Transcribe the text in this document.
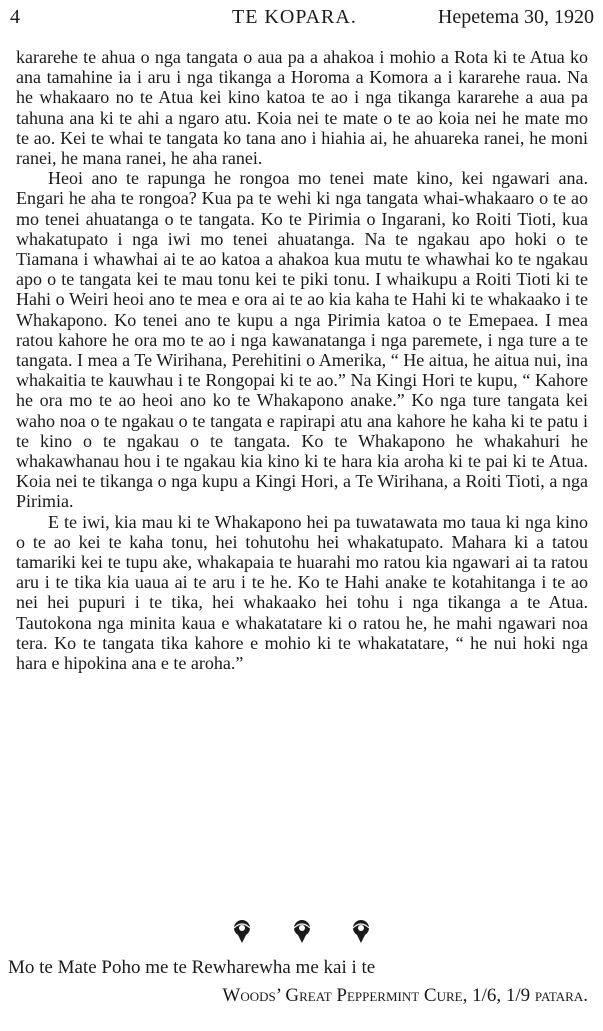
4	TE KOPARA.	Hepetema 30, 1920

kararehe te ahua o nga tangata o aua pa a ahakoa i mohio a Rota ki te Atua ko ana tamahine ia i aru i nga tikanga a Horoma a Komora a i kararehe raua. Na he whakaaro no te Atua kei kino katoa te ao i nga tikanga kararehe a aua pa tahuna ana ki te ahi a ngaro atu. Koia nei te mate o te ao koia nei he mate mo te ao. Kei te whai te tangata ko tana ano i hiahia ai, he ahuareka ranei, he moni ranei, he mana ranei, he aha ranei.

Heoi ano te rapunga he rongoa mo tenei mate kino, kei ngawari ana. Engari he aha te rongoa? Kua pa te wehi ki nga tangata whai-whakaaro o te ao mo tenei ahuatanga o te tangata. Ko te Pirimia o Ingarani, ko Roiti Tioti, kua whakatupato i nga iwi mo tenei ahuatanga. Na te ngakau apo hoki o te Tiamana i whawhai ai te ao katoa a ahakoa kua mutu te whawhai ko te ngakau apo o te tangata kei te mau tonu kei te piki tonu. I whaikupu a Roiti Tioti ki te Hahi o Weiri heoi ano te mea e ora ai te ao kia kaha te Hahi ki te whakaako i te Whakapono. Ko tenei ano te kupu a nga Pirimia katoa o te Emepaea. I mea ratou kahore he ora mo te ao i nga kawanatanga i nga paremete, i nga ture a te tangata. I mea a Te Wirihana, Perehitini o Amerika, “ He aitua, he aitua nui, ina whakaitia te kauwhau i te Rongopai ki te ao.” Na Kingi Hori te kupu, “ Kahore he ora mo te ao heoi ano ko te Whakapono anake.” Ko nga ture tangata kei waho noa o te ngakau o te tangata e rapirapi atu ana kahore he kaha ki te patu i te kino o te ngakau o te tangata. Ko te Whakapono he whakahuri he whakawhanau hou i te ngakau kia kino ki te hara kia aroha ki te pai ki te Atua. Koia nei te tikanga o nga kupu a Kingi Hori, a Te Wirihana, a Roiti Tioti, a nga Pirimia.

E te iwi, kia mau ki te Whakapono hei pa tuwatawata mo taua ki nga kino o te ao kei te kaha tonu, hei tohutohu hei whakatupato. Mahara ki a tatou tamariki kei te tupu ake, whakapaia te huarahi mo ratou kia ngawari ai ta ratou aru i te tika kia uaua ai te aru i te he. Ko te Hahi anake te kotahitanga i te ao nei hei pupuri i te tika, hei whakaako hei tohu i nga tikanga a te Atua. Tautokona nga minita kaua e whakatatare ki o ratou he, he mahi ngawari noa tera. Ko te tangata tika kahore e mohio ki te whakatatare, “ he nui hoki nga hara e hipokina ana e te aroha.”

Mo te Mate Poho me te Rewharewha me kai i te
Woods’ Great Peppermint Cure, 1/6, 1/9 patara.
